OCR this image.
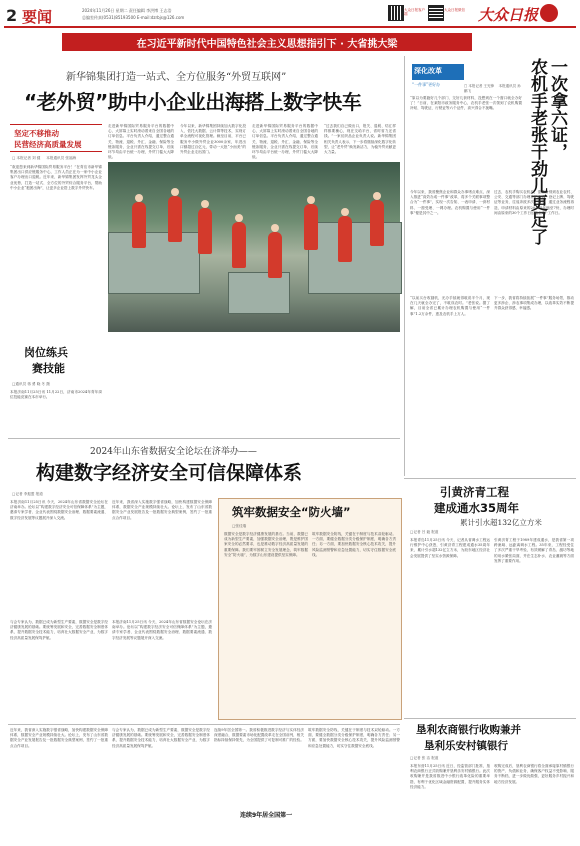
2 要闻	2024年11月26日 星期二 责任编辑 李洪博 王志浩
总编室传真(0531)85193500 E-mail:dzrbjs@126.com
大众日报客户端
大众日报微信 大众日报
在习近平新时代中国特色社会主义思想指引下 · 大省挑大梁
新华锦集团打造一站式、全方位服务“外贸互联网”
“老外贸”助中小企业出海搭上数字快车
坚定不移推动
民营经济高质量发展
□ 本报记者 刘 健 　 本报通讯员 张福海
“欢迎您来到新华锦国际贸易服务平台！”在青岛市新华锦集团出口供应链服务中心，工作人员正在为一家中小企业客户办理出口退税。近年来，新华锦集团发挥外贸龙头企业优势，打造一站式、全方位的外贸综合服务平台，帮助中小企业“抱团出海”，让更多企业搭上数字外贸快车。
走进新华锦国际贸易服务平台的数据中心，大屏幕上实时滚动着来自全国各地的订单信息。平台负责人介绍，通过整合通关、物流、退税、外汇、金融、保险等全链条服务，企业只需在线提交订单，后续环节均由平台统一办理，外贸门槛大大降低。
今年以来，新华锦集团持续加大数字化投入，依托大数据、云计算等技术，实现订单全流程可视化管理。截至目前，平台已服务中小微外贸企业3000余家，年进出口额超过百亿元，带动一大批“小而美”的外贸企业走出国门。
走进新华锦国际贸易服务平台的数据中心，大屏幕上实时滚动着来自全国各地的订单信息。平台负责人介绍，通过整合通关、物流、退税、外汇、金融、保险等全链条服务，企业只需在线提交订单，后续环节均由平台统一办理，外贸门槛大大降低。
“过去我们自己做出口，报关、退税、结汇样样都要操心，现在交给平台，省时省力还省钱。”一家纺织品企业负责人说。新华锦集团相关负责人表示，下一步将继续深化数字化转型，让“老外贸”焕发新活力，为稳外贸贡献更大力量。
岗位练兵
赛技能
□通讯员 蒋 勇 晓 冬 摄
本报济南11月25日讯 11月22日，济南市2024年青年岗位技能竞赛在本市举行。
深化改革
“一件事”更好办	一次拿六证，
农机手老张干劲儿更足了
□ 本报记者 王光锋 　本报通讯员 孙鹏飞
“原以为要跑好几个部门、交好几套材料，没想到在一个窗口就全办好了！”日前，在莱阳市政务服务中心，农机手老张一次领到了农机购置补贴、驾驶证、行驶证等六个证件，高兴得合不拢嘴。
今年以来，我省聚焦企业和群众办事堵点难点，深入推进“高效办成一件事”改革，将多个关联事项整合为“一件事”，实现一次告知、一表申请、一套材料、一窗受理、一网办理。农机购置与使用“一件事”便是其中之一。
过去，农机手购买农机后，需要分别到农业农村、公安、交通等部门办理补贴申请、登记上牌、驾驶证等业务，往返奔波多次。如今，通过业务流程再造，申请材料由原来的20余份压缩至7份，办理时间由原来的30个工作日压缩至5个工作日。
“以前买台收割机，光办手续就得耽误半个月，现在几天就全办完了，不耽误农时。”老张说。据了解，目前全省已累计办理农机购置与使用“一件事”1.2万余件，惠及农机手上万人。
下一步，我省将持续拓展“一件事”服务场景，推动更多涉企、涉农事项集成办理，以改革实效不断提升群众获得感、幸福感。
2024年山东省数据安全论坛在济举办——
构建数字经济安全可信保障体系
□记者 李振盟 报道
本报济南11月25日讯 今天，2024年山东省数据安全论坛在济南举办。论坛以“构建数字经济安全可信保障体系”为主题，邀请专家学者、企业代表围绕数据安全治理、数据要素流通、数字经济发展等议题展开深入交流。
近年来，我省深入实施数字强省战略，加快构建数据安全保障体系，数据安全产业规模持续壮大。论坛上，发布了山东省数据安全产业发展报告及一批数据安全典型案例，签约了一批重点合作项目。	筑牢数据安全“防火墙”
□张佳瑞
数据安全是数字经济健康发展的基石。当前，数据已成为新型生产要素，加强数据安全治理，既是维护国家安全的必然要求，也是推动数字经济高质量发展的重要保障。我们要牢固树立安全发展理念，筑牢数据安全“防火墙”，为数字山东建设提供坚实保障。
筑牢数据安全防线，关键在于制度与技术双轮驱动。一方面，要健全数据分类分级保护制度，明确各方责任；另一方面，要加快数据安全核心技术攻关，提升风险监测预警和应急处置能力，切实守住数据安全底线。
与会专家认为，数据已成为新型生产要素，数据安全是数字经济健康发展的基础。要统筹发展和安全，完善数据安全制度体系，提升数据安全技术能力，培育壮大数据安全产业，为数字经济高质量发展保驾护航。
本报济南11月25日讯 今天，2024年山东省数据安全论坛在济南举办。论坛以“构建数字经济安全可信保障体系”为主题，邀请专家学者、企业代表围绕数据安全治理、数据要素流通、数字经济发展等议题展开深入交流。
近年来，我省深入实施数字强省战略，加快构建数据安全保障体系，数据安全产业规模持续壮大。论坛上，发布了山东省数据安全产业发展报告及一批数据安全典型案例，签约了一批重点合作项目。
与会专家认为，数据已成为新型生产要素，数据安全是数字经济健康发展的基础。要统筹发展和安全，完善数据安全制度体系，提升数据安全技术能力，培育壮大数据安全产业，为数字经济高质量发展保驾护航。
连续9年居全国第一。我省积极推进数字经济与实体经济深度融合，数据要素市场化配置改革走在全国前列，相关指标持续保持领先，为全国提供了可复制可推广的经验。
连续9年居全国第一
筑牢数据安全防线，关键在于制度与技术双轮驱动。一方面，要健全数据分类分级保护制度，明确各方责任；另一方面，要加快数据安全核心技术攻关，提升风险监测预警和应急处置能力，切实守住数据安全底线。
引黄济青工程
建成通水35周年
累计引水超132亿立方米
□记者 吕 毅 报道
本报青岛11月25日讯 今天，记者从省调水工程运行维护中心获悉，引黄济青工程建成通水35周年来，累计引水超132亿立方米，为胶东地区经济社会发展提供了坚实水资源保障。
引黄济青工程于1989年建成通水，是我省第一项跨流域、远距离调水工程。35年来，工程经受住了多次严重干旱考验，有效缓解了青岛、潍坊等地的用水紧张局面，并在生态补水、农业灌溉等方面发挥了重要作用。
垦利农商银行收购兼并
垦利乐安村镇银行
□记者 张 洁 报道
本报东营11月25日讯 近日，经监管部门批准，垦利农商银行正式收购兼并垦利乐安村镇银行。此次收购兼并是我省推进中小银行改革化险的重要举措，有利于优化区域金融资源配置，提升服务实体经济能力。
收购完成后，垦利农商银行将全面承接原村镇银行的资产、负债和业务，确保客户权益不受影响、服务不断档，进一步做优做强，更好服务乡村振兴和地方经济发展。
